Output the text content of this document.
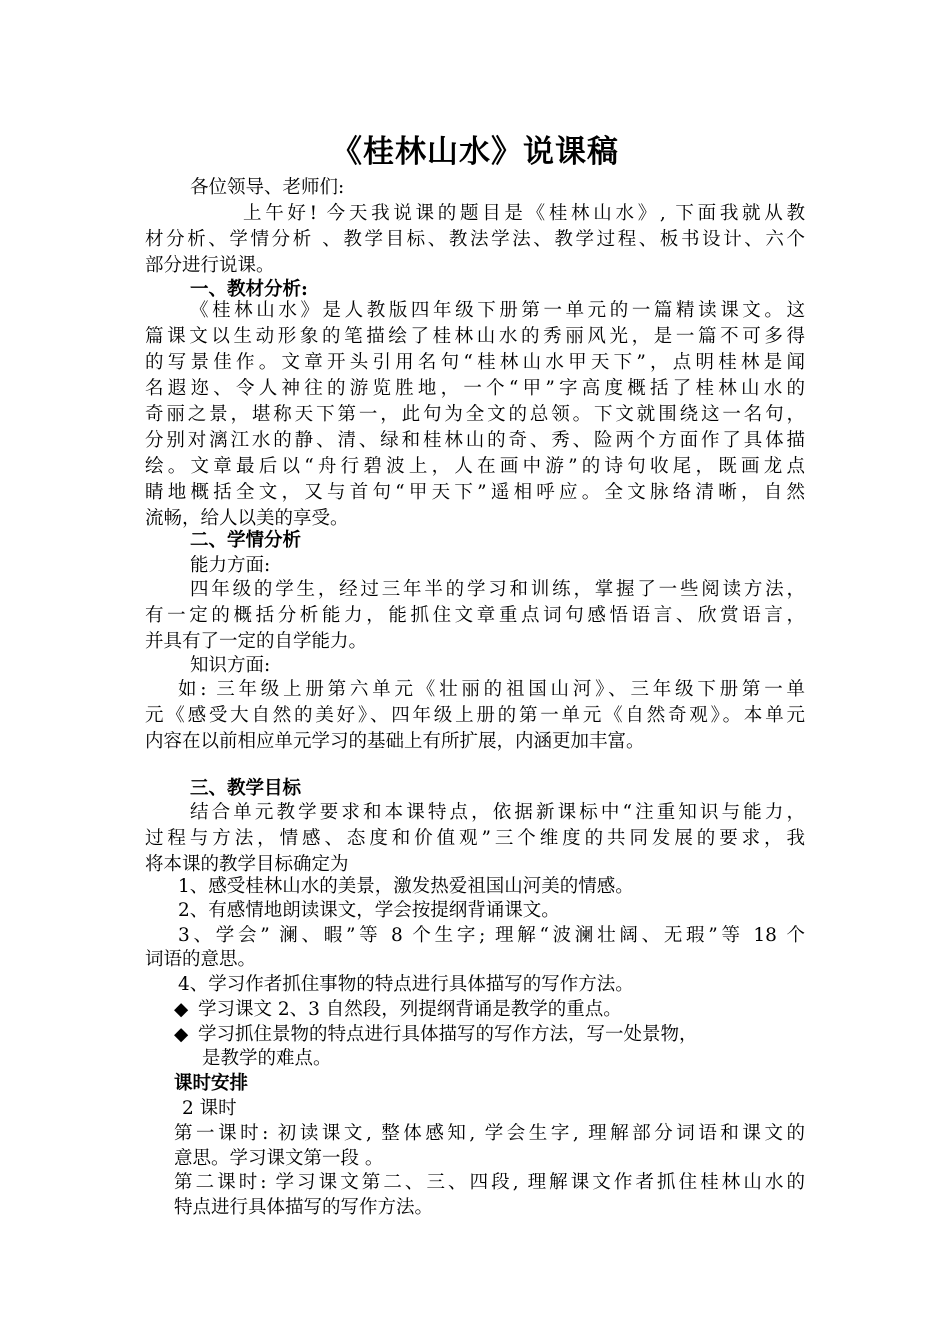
《桂林山水》说课稿
各位领导、老师们:
上午好! 今天我说课的题目是《桂林山水》, 下面我就从教
材分析、学情分析 、教学目标、教法学法、教学过程、板书设计、六个
部分进行说课。
一、教材分析:
《桂林山水》是人教版四年级下册第一单元的一篇精读课文。这
篇课文以生动形象的笔描绘了桂林山水的秀丽风光，是一篇不可多得
的写景佳作。文章开头引用名句“桂林山水甲天下”，点明桂林是闻
名遐迩、令人神往的游览胜地，一个“甲”字高度概括了桂林山水的
奇丽之景，堪称天下第一，此句为全文的总领。下文就围绕这一名句，
分别对漓江水的静、清、绿和桂林山的奇、秀、险两个方面作了具体描
绘。文章最后以“舟行碧波上，人在画中游”的诗句收尾，既画龙点
睛地概括全文，又与首句“甲天下”遥相呼应。全文脉络清晰，自然
流畅，给人以美的享受。
二、学情分析
能力方面:
四年级的学生，经过三年半的学习和训练，掌握了一些阅读方法，
有一定的概括分析能力，能抓住文章重点词句感悟语言、欣赏语言，
并具有了一定的自学能力。
知识方面:
如: 三年级上册第六单元《壮丽的祖国山河》、三年级下册第一单
元《感受大自然的美好》、四年级上册的第一单元《自然奇观》。本单元
内容在以前相应单元学习的基础上有所扩展，内涵更加丰富。
三、教学目标
结合单元教学要求和本课特点，依据新课标中“注重知识与能力，
过程与方法，情感、态度和价值观”三个维度的共同发展的要求，我
将本课的教学目标确定为
1、感受桂林山水的美景，激发热爱祖国山河美的情感。
2、有感情地朗读课文，学会按提纲背诵课文。
3、学会” 澜、暇”等 8 个生字; 理解“波澜壮阔、无瑕”等 18 个
词语的意思。
4、学习作者抓住事物的特点进行具体描写的写作方法。
◆ 学习课文 2、3 自然段，列提纲背诵是教学的重点。
◆ 学习抓住景物的特点进行具体描写的写作方法，写一处景物，
是教学的难点。
课时安排
2 课时
第一课时: 初读课文, 整体感知, 学会生字, 理解部分词语和课文的
意思。学习课文第一段 。
第二课时: 学习课文第二、三、四段, 理解课文作者抓住桂林山水的
特点进行具体描写的写作方法。
